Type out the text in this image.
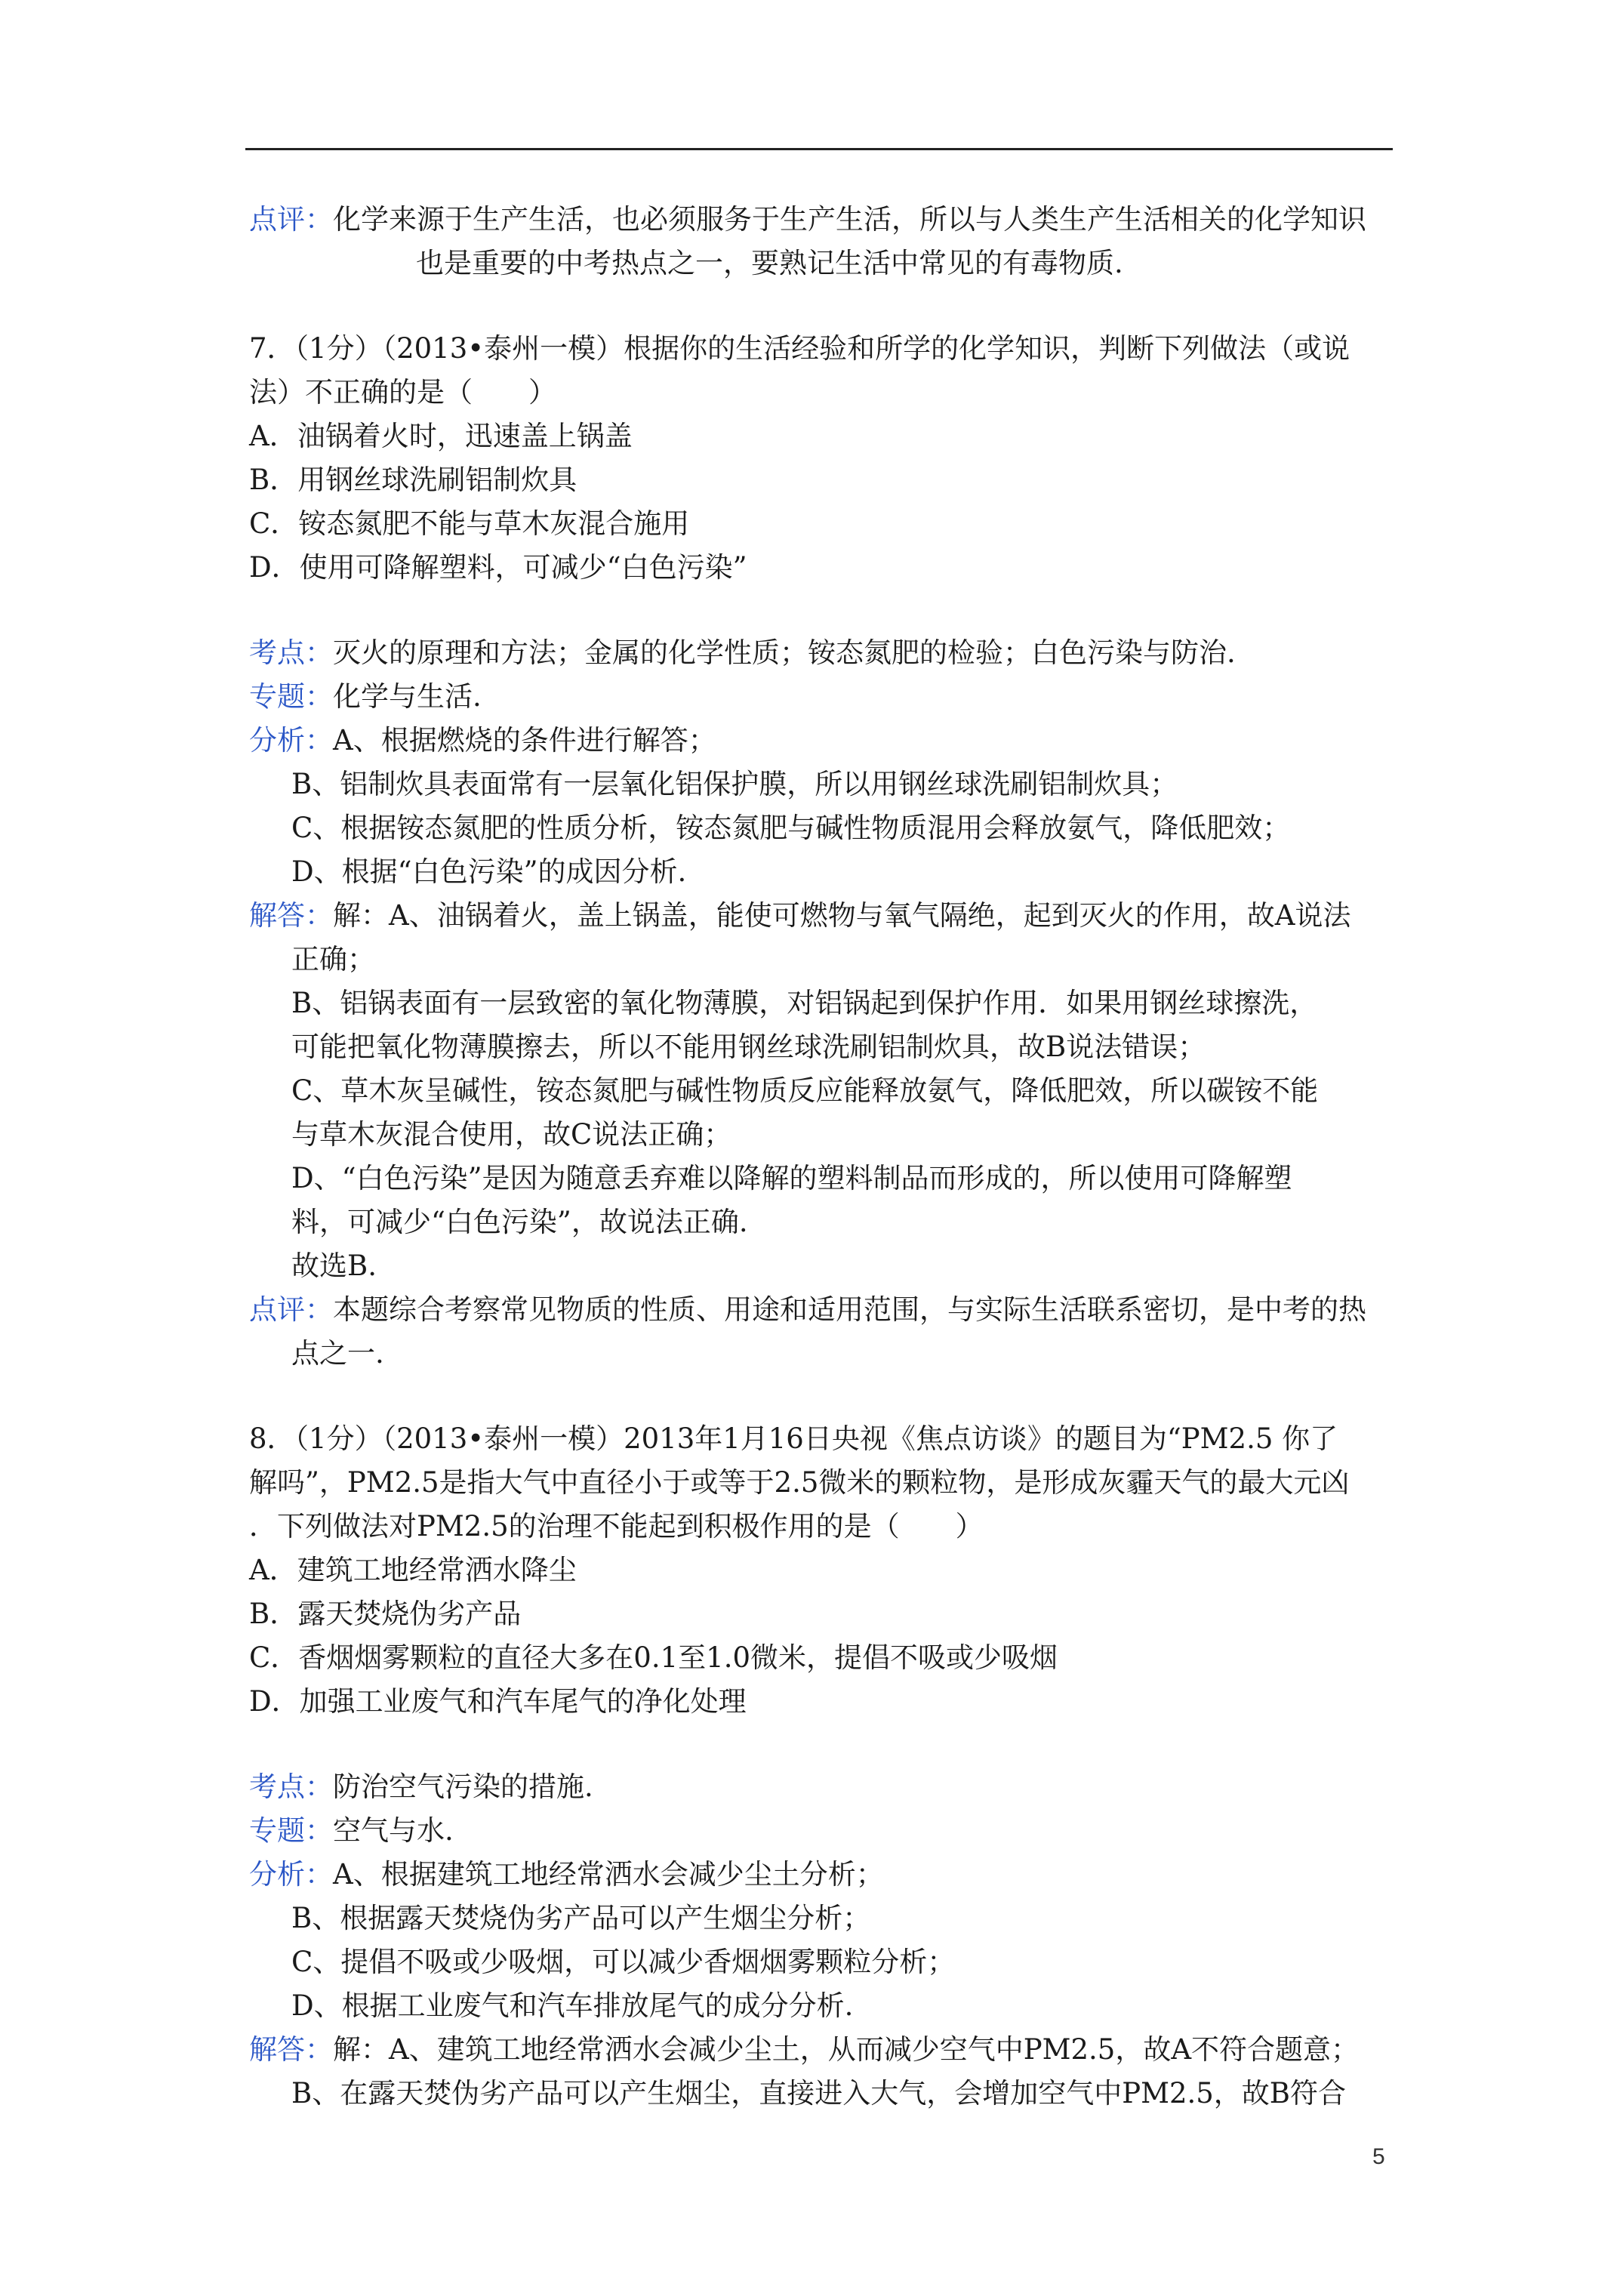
点评： 化学来源于生产生活，也必须服务于生产生活，所以与人类生产生活相关的化学知识
也是重要的中考热点之一，要熟记生活中常见的有毒物质.
7．（1分）（2013•泰州一模）根据你的生活经验和所学的化学知识，判断下列做法（或说
法）不正确的是（　　）
A．油锅着火时，迅速盖上锅盖
B．用钢丝球洗刷铝制炊具
C．铵态氮肥不能与草木灰混合施用
D．使用可降解塑料，可减少“白色污染”
考点： 灭火的原理和方法；金属的化学性质；铵态氮肥的检验；白色污染与防治.
专题： 化学与生活.
分析： A、根据燃烧的条件进行解答；
B、铝制炊具表面常有一层氧化铝保护膜，所以用钢丝球洗刷铝制炊具；
C、根据铵态氮肥的性质分析，铵态氮肥与碱性物质混用会释放氨气，降低肥效；
D、根据“白色污染”的成因分析.
解答： 解：A、油锅着火，盖上锅盖，能使可燃物与氧气隔绝，起到灭火的作用，故A说法
正确；
B、铝锅表面有一层致密的氧化物薄膜，对铝锅起到保护作用．如果用钢丝球擦洗，
可能把氧化物薄膜擦去，所以不能用钢丝球洗刷铝制炊具，故B说法错误；
C、草木灰呈碱性，铵态氮肥与碱性物质反应能释放氨气，降低肥效，所以碳铵不能
与草木灰混合使用，故C说法正确；
D、“白色污染”是因为随意丢弃难以降解的塑料制品而形成的，所以使用可降解塑
料，可减少“白色污染”，故说法正确.
故选B.
点评： 本题综合考察常见物质的性质、用途和适用范围，与实际生活联系密切，是中考的热
点之一.
8．（1分）（2013•泰州一模）2013年1月16日央视《焦点访谈》的题目为“PM2.5 你了
解吗”，PM2.5是指大气中直径小于或等于2.5微米的颗粒物，是形成灰霾天气的最大元凶
．下列做法对PM2.5的治理不能起到积极作用的是（　　）
A．建筑工地经常洒水降尘
B．露天焚烧伪劣产品
C．香烟烟雾颗粒的直径大多在0.1至1.0微米，提倡不吸或少吸烟
D．加强工业废气和汽车尾气的净化处理
考点： 防治空气污染的措施.
专题： 空气与水.
分析： A、根据建筑工地经常洒水会减少尘土分析；
B、根据露天焚烧伪劣产品可以产生烟尘分析；
C、提倡不吸或少吸烟，可以减少香烟烟雾颗粒分析；
D、根据工业废气和汽车排放尾气的成分分析.
解答： 解：A、建筑工地经常洒水会减少尘土，从而减少空气中PM2.5，故A不符合题意；
B、在露天焚伪劣产品可以产生烟尘，直接进入大气，会增加空气中PM2.5，故B符合
5
